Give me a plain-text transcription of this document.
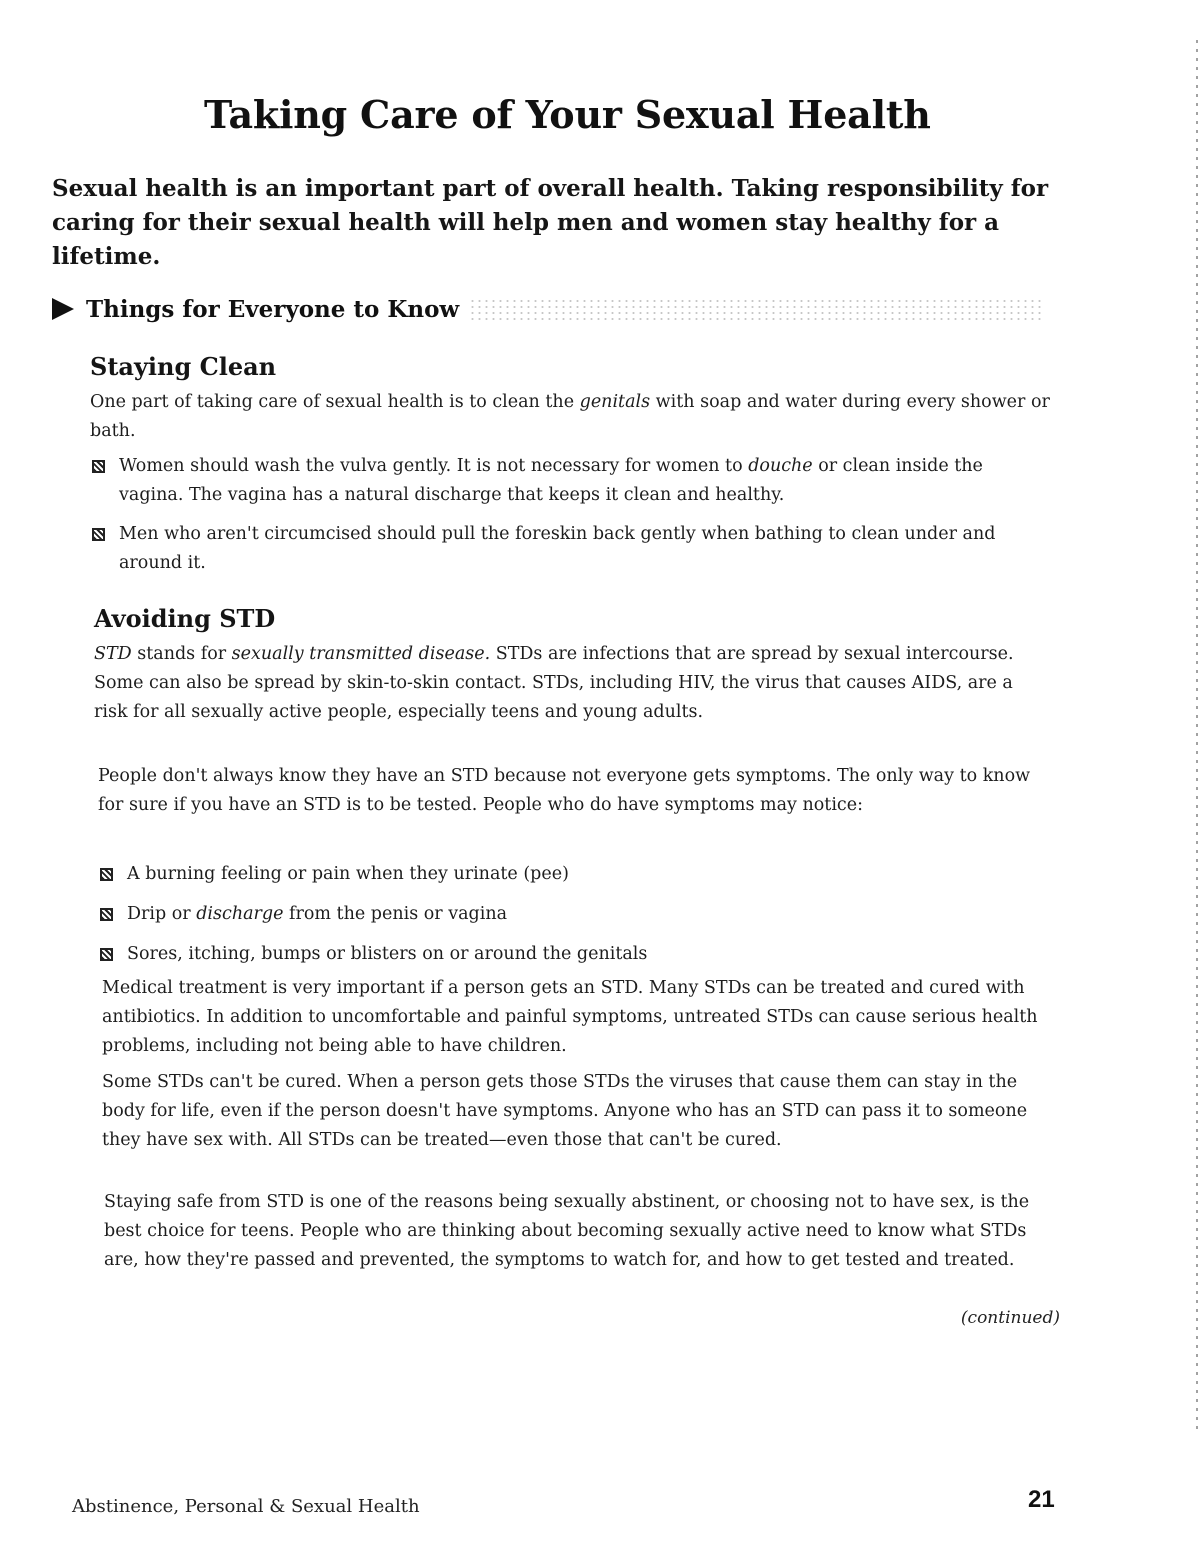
Taking Care of Your Sexual Health

Sexual health is an important part of overall health. Taking responsibility for caring for their sexual health will help men and women stay healthy for a lifetime.

Things for Everyone to Know
Staying Clean

One part of taking care of sexual health is to clean the genitals with soap and water during every shower or bath.

Women should wash the vulva gently. It is not necessary for women to douche or clean inside the vagina. The vagina has a natural discharge that keeps it clean and healthy.
Men who aren't circumcised should pull the foreskin back gently when bathing to clean under and around it.
Avoiding STD

STD stands for sexually transmitted disease. STDs are infections that are spread by sexual intercourse. Some can also be spread by skin-to-skin contact. STDs, including HIV, the virus that causes AIDS, are a risk for all sexually active people, especially teens and young adults.

People don't always know they have an STD because not everyone gets symptoms. The only way to know for sure if you have an STD is to be tested. People who do have symptoms may notice:

A burning feeling or pain when they urinate (pee)
Drip or discharge from the penis or vagina
Sores, itching, bumps or blisters on or around the genitals

Medical treatment is very important if a person gets an STD. Many STDs can be treated and cured with antibiotics. In addition to uncomfortable and painful symptoms, untreated STDs can cause serious health problems, including not being able to have children.

Some STDs can't be cured. When a person gets those STDs the viruses that cause them can stay in the body for life, even if the person doesn't have symptoms. Anyone who has an STD can pass it to someone they have sex with. All STDs can be treated—even those that can't be cured.

Staying safe from STD is one of the reasons being sexually abstinent, or choosing not to have sex, is the best choice for teens. People who are thinking about becoming sexually active need to know what STDs are, how they're passed and prevented, the symptoms to watch for, and how to get tested and treated.

(continued)
Abstinence, Personal & Sexual Health	21
